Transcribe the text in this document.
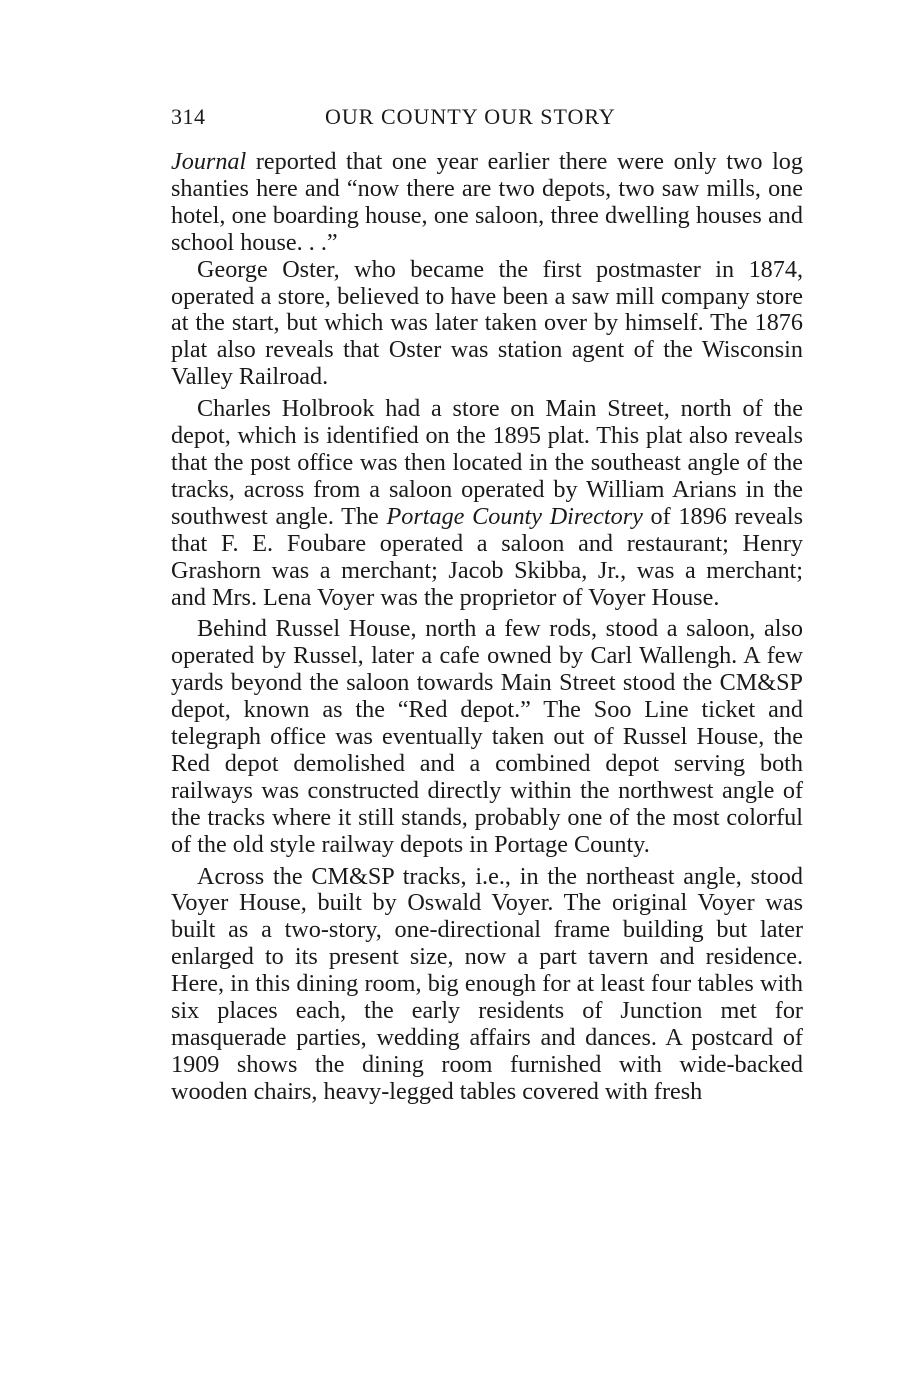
314	OUR COUNTY OUR STORY

Journal reported that one year earlier there were only two log shanties here and “now there are two depots, two saw mills, one hotel, one boarding house, one saloon, three dwelling houses and school house. . .”

George Oster, who became the first postmaster in 1874, operated a store, believed to have been a saw mill company store at the start, but which was later taken over by himself. The 1876 plat also reveals that Oster was station agent of the Wisconsin Valley Railroad.

Charles Holbrook had a store on Main Street, north of the depot, which is identified on the 1895 plat. This plat also reveals that the post office was then located in the southeast angle of the tracks, across from a saloon operated by William Arians in the southwest angle. The Portage County Directory of 1896 reveals that F. E. Foubare operated a saloon and restaurant; Henry Grashorn was a merchant; Jacob Skibba, Jr., was a merchant; and Mrs. Lena Voyer was the proprietor of Voyer House.

Behind Russel House, north a few rods, stood a saloon, also operated by Russel, later a cafe owned by Carl Wallengh. A few yards beyond the saloon towards Main Street stood the CM&SP depot, known as the “Red depot.” The Soo Line ticket and telegraph office was eventually taken out of Russel House, the Red depot demolished and a combined depot serving both railways was constructed directly within the northwest angle of the tracks where it still stands, probably one of the most colorful of the old style railway depots in Portage County.

Across the CM&SP tracks, i.e., in the northeast angle, stood Voyer House, built by Oswald Voyer. The original Voyer was built as a two-story, one-directional frame building but later enlarged to its present size, now a part tavern and residence. Here, in this dining room, big enough for at least four tables with six places each, the early residents of Junction met for masquerade parties, wedding affairs and dances. A postcard of 1909 shows the dining room furnished with wide-backed wooden chairs, heavy-legged tables covered with fresh
